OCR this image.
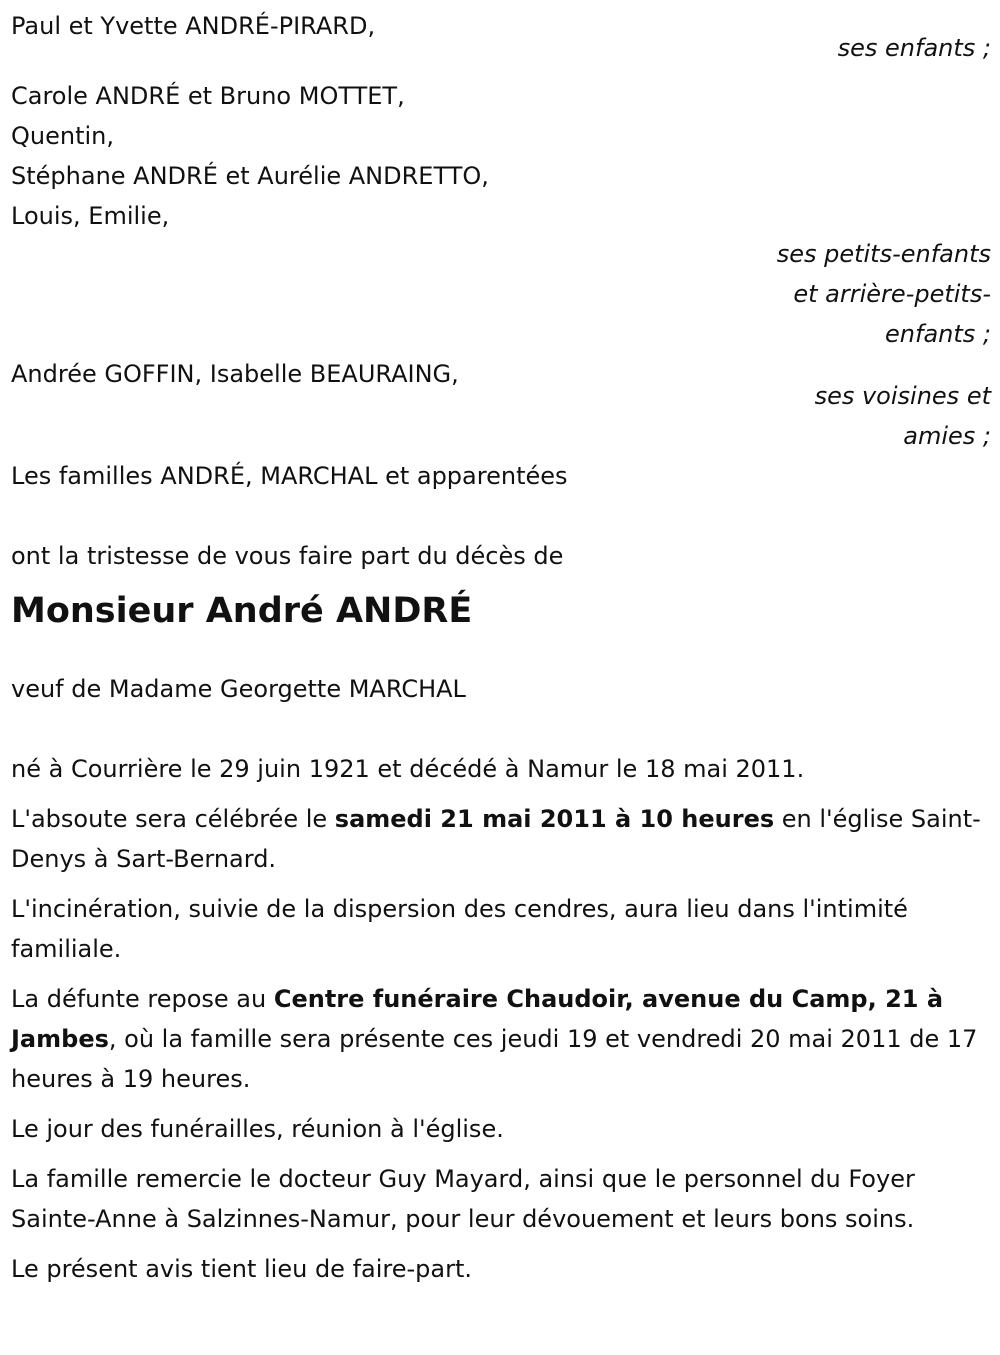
Paul et Yvette ANDRÉ-PIRARD,
ses enfants ;
Carole ANDRÉ et Bruno MOTTET,
Quentin,
Stéphane ANDRÉ et Aurélie ANDRETTO,
Louis, Emilie,
ses petits-enfants
et arrière-petits-
enfants ;
Andrée GOFFIN, Isabelle BEAURAING,
ses voisines et
amies ;
Les familles ANDRÉ, MARCHAL et apparentées
ont la tristesse de vous faire part du décès de
Monsieur André ANDRÉ
veuf de Madame Georgette MARCHAL

né à Courrière le 29 juin 1921 et décédé à Namur le 18 mai 2011.

L'absoute sera célébrée le samedi 21 mai 2011 à 10 heures en l'église Saint-Denys à Sart-Bernard.

L'incinération, suivie de la dispersion des cendres, aura lieu dans l'intimité familiale.

La défunte repose au Centre funéraire Chaudoir, avenue du Camp, 21 à Jambes, où la famille sera présente ces jeudi 19 et vendredi 20 mai 2011 de 17 heures à 19 heures.

Le jour des funérailles, réunion à l'église.

La famille remercie le docteur Guy Mayard, ainsi que le personnel du Foyer Sainte-Anne à Salzinnes-Namur, pour leur dévouement et leurs bons soins.

Le présent avis tient lieu de faire-part.
